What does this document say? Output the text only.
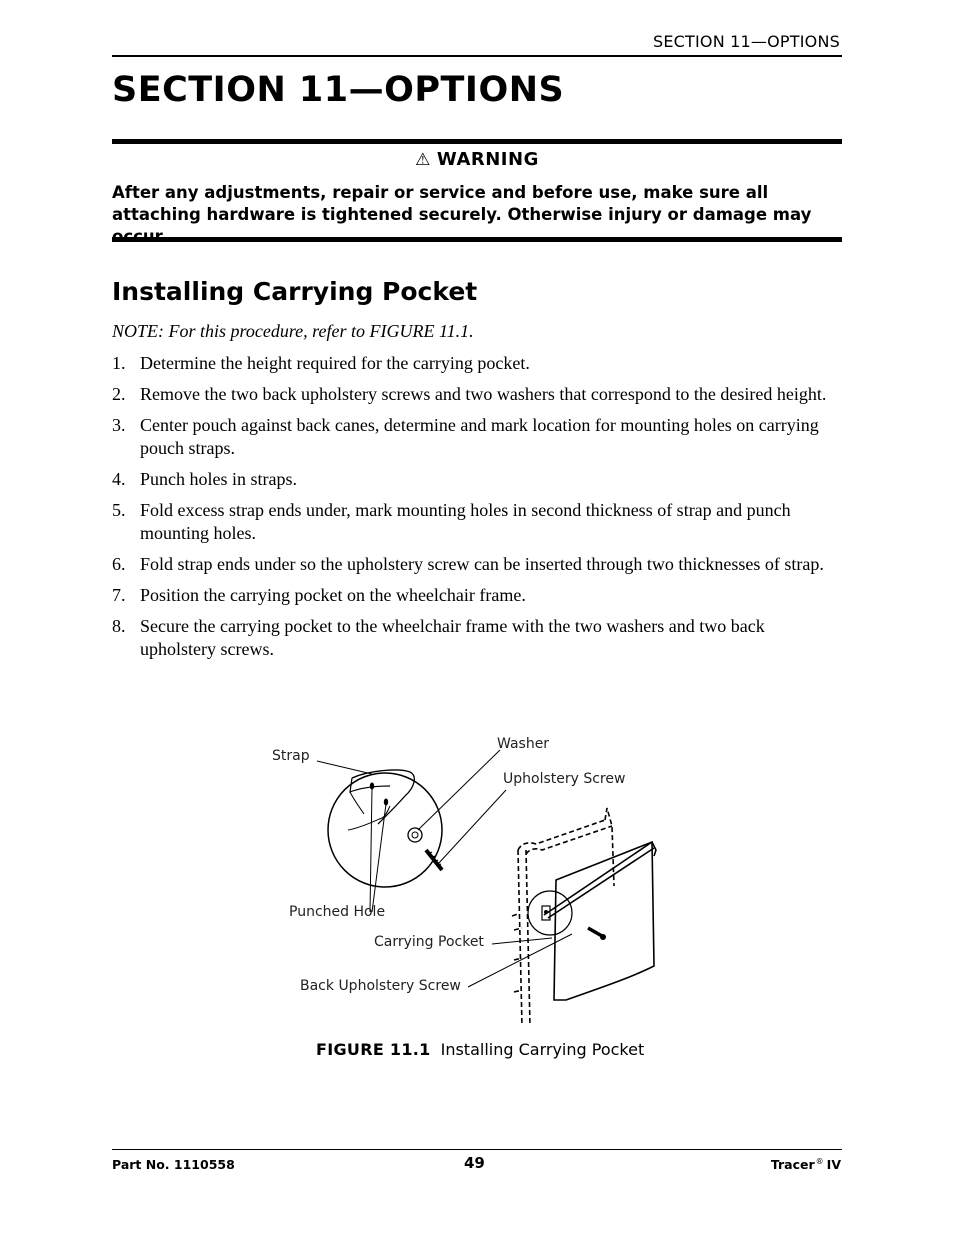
SECTION 11—OPTIONS
SECTION 11—OPTIONS
⚠ WARNING
After any adjustments, repair or service and before use, make sure all attaching hardware is tightened securely. Otherwise injury or damage may
Installing Carrying Pocket
NOTE: For this procedure, refer to FIGURE 11.1.
1. Determine the height required for the carrying pocket.
2. Remove the two back upholstery screws and two washers that correspond to the desired height.
3. Center pouch against back canes, determine and mark location for mounting holes on carrying pouch straps.
4. Punch holes in straps.
5. Fold excess strap ends under, mark mounting holes in second thickness of strap and punch mounting holes.
6. Fold strap ends under so the upholstery screw can be inserted through two thicknesses of strap.
7. Position the carrying pocket on the wheelchair frame.
8. Secure the carrying pocket to the wheelchair frame with the two washers and two back upholstery screws.
Strap
Washer
Upholstery Screw
Punched Hole
Carrying Pocket
Back Upholstery Screw
FIGURE 11.1 Installing Carrying Pocket
Part No. 1110558	49	Tracer® IV
